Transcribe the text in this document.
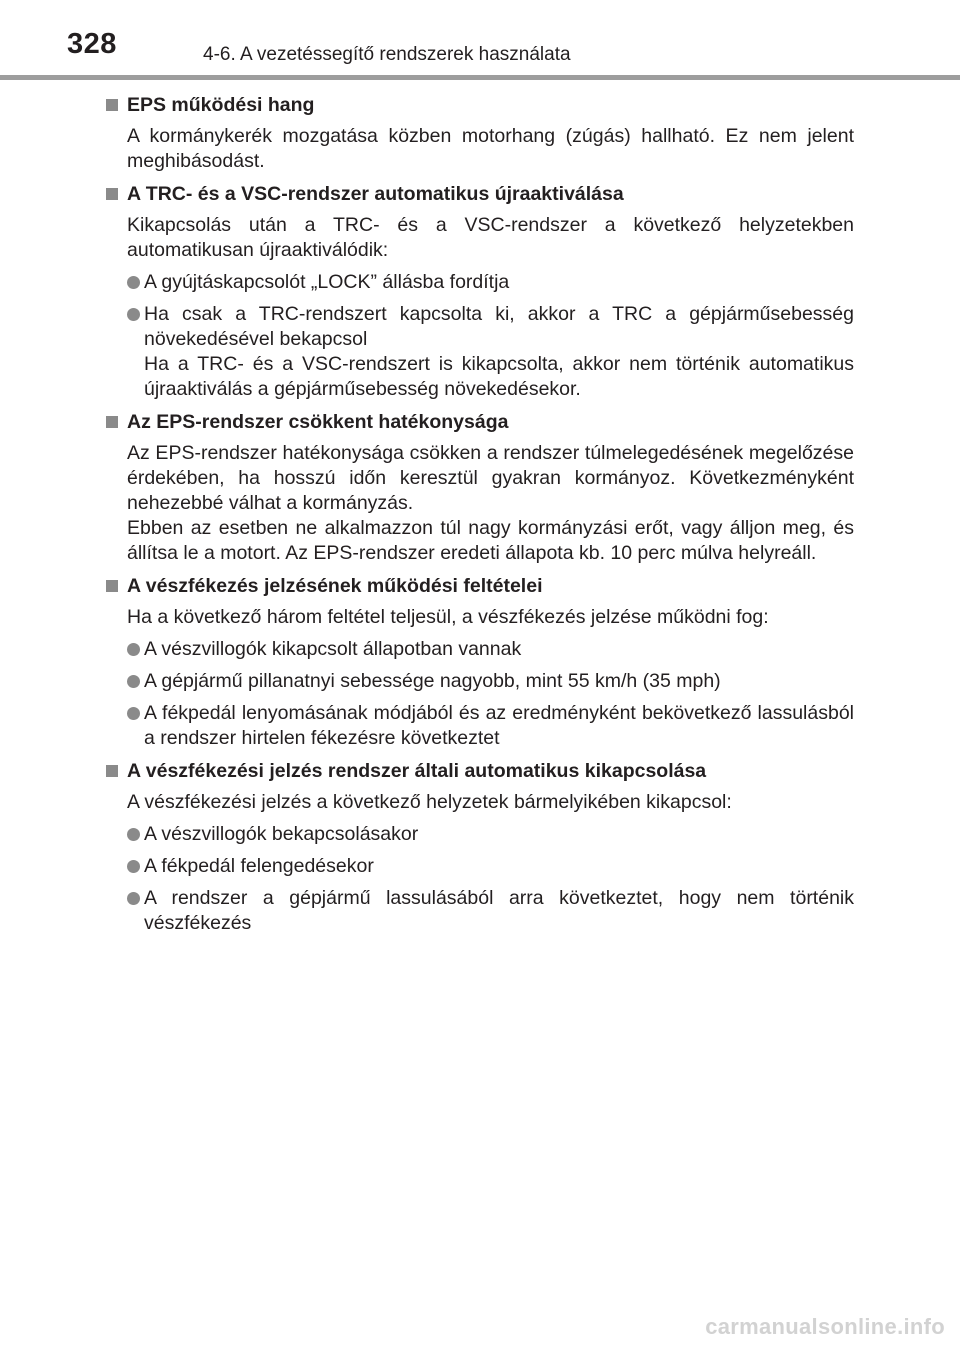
328	4-6. A vezetéssegítő rendszerek használata
EPS működési hang
A kormánykerék mozgatása közben motorhang (zúgás) hallható. Ez nem jelent meghibásodást.
A TRC- és a VSC-rendszer automatikus újraaktiválása
Kikapcsolás után a TRC- és a VSC-rendszer a következő helyzetekben automatikusan újraaktiválódik:
A gyújtáskapcsolót „LOCK” állásba fordítja
Ha csak a TRC-rendszert kapcsolta ki, akkor a TRC a gépjárműsebesség növekedésével bekapcsol
Ha a TRC- és a VSC-rendszert is kikapcsolta, akkor nem történik automatikus újraaktiválás a gépjárműsebesség növekedésekor.
Az EPS-rendszer csökkent hatékonysága
Az EPS-rendszer hatékonysága csökken a rendszer túlmelegedésének megelőzése érdekében, ha hosszú időn keresztül gyakran kormányoz. Következményként nehezebbé válhat a kormányzás.
Ebben az esetben ne alkalmazzon túl nagy kormányzási erőt, vagy álljon meg, és állítsa le a motort. Az EPS-rendszer eredeti állapota kb. 10 perc múlva helyreáll.
A vészfékezés jelzésének működési feltételei
Ha a következő három feltétel teljesül, a vészfékezés jelzése működni fog:
A vészvillogók kikapcsolt állapotban vannak
A gépjármű pillanatnyi sebessége nagyobb, mint 55 km/h (35 mph)
A fékpedál lenyomásának módjából és az eredményként bekövetkező lassulásból a rendszer hirtelen fékezésre következtet
A vészfékezési jelzés rendszer általi automatikus kikapcsolása
A vészfékezési jelzés a következő helyzetek bármelyikében kikapcsol:
A vészvillogók bekapcsolásakor
A fékpedál felengedésekor
A rendszer a gépjármű lassulásából arra következtet, hogy nem történik vészfékezés
carmanualsonline.info
